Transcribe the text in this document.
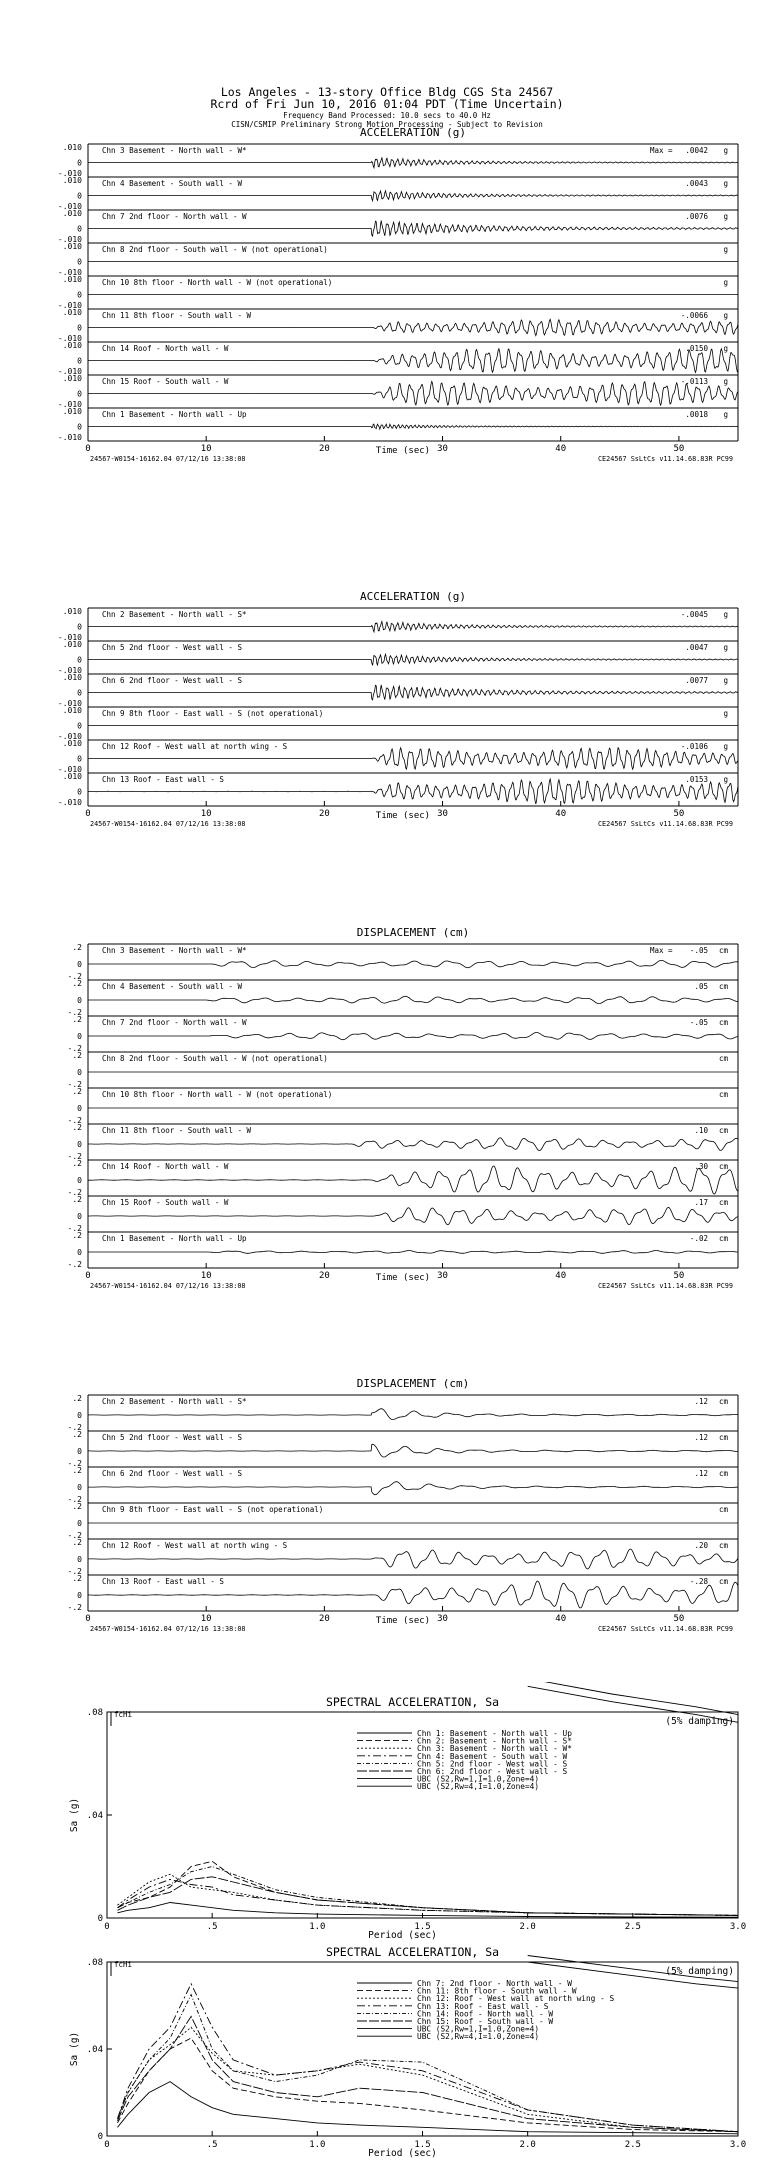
Los Angeles - 13-story Office Bldg CGS Sta 24567
Rcrd of Fri Jun 10, 2016 01:04 PDT (Time Uncertain)
Frequency Band Processed: 10.0 secs to 40.0 Hz
CISN/CSMIP Preliminary Strong Motion Processing - Subject to Revision
ACCELERATION (g)
.010
0
-.010
Chn 3 Basement - North wall - W*	Max = .0042 g
.010
0
-.010
Chn 4 Basement - South wall - W	.0043 g
.010
0
-.010
Chn 7 2nd floor - North wall - W	.0076 g
.010
0
-.010
Chn 8 2nd floor - South wall - W (not operational)	g
.010
0
-.010
Chn 10 8th floor - North wall - W (not operational)	g
.010
0
-.010
Chn 11 8th floor - South wall - W	-.0066 g
.010
0
-.010
Chn 14 Roof - North wall - W	.0150 g
.010
0
-.010
Chn 15 Roof - South wall - W	-.0113 g
.010
0
-.010
Chn 1 Basement - North wall - Up	.0018 g
0	10	20	30	40	50
Time (sec)
24567-W0154-16162.04 07/12/16 13:38:08	CE24567 SsLtCs v11.14.68.83R PC99
ACCELERATION (g)
.010
0
-.010
Chn 2 Basement - North wall - S*	-.0045 g
.010
0
-.010
Chn 5 2nd floor - West wall - S	.0047 g
.010
0
-.010
Chn 6 2nd floor - West wall - S	.0077 g
.010
0
-.010
Chn 9 8th floor - East wall - S (not operational)	g
.010
0
-.010
Chn 12 Roof - West wall at north wing - S	-.0106 g
.010
0
-.010
Chn 13 Roof - East wall - S	.0153 g
0	10	20	30	40	50
Time (sec)
24567-W0154-16162.04 07/12/16 13:38:08	CE24567 SsLtCs v11.14.68.83R PC99
DISPLACEMENT (cm)
.2
0
-.2
Chn 3 Basement - North wall - W*	Max = -.05 cm
.2
0
-.2
Chn 4 Basement - South wall - W	.05 cm
.2
0
-.2
Chn 7 2nd floor - North wall - W	-.05 cm
.2
0
-.2
Chn 8 2nd floor - South wall - W (not operational)	cm
.2
0
-.2
Chn 10 8th floor - North wall - W (not operational)	cm
.2
0
-.2
Chn 11 8th floor - South wall - W	.10 cm
.2
0
-.2
Chn 14 Roof - North wall - W	.30 cm
.2
0
-.2
Chn 15 Roof - South wall - W	.17 cm
.2
0
-.2
Chn 1 Basement - North wall - Up	-.02 cm
0	10	20	30	40	50
Time (sec)
24567-W0154-16162.04 07/12/16 13:38:08	CE24567 SsLtCs v11.14.68.83R PC99
DISPLACEMENT (cm)
.2
0
-.2
Chn 2 Basement - North wall - S*	.12 cm
.2
0
-.2
Chn 5 2nd floor - West wall - S	.12 cm
.2
0
-.2
Chn 6 2nd floor - West wall - S	.12 cm
.2
0
-.2
Chn 9 8th floor - East wall - S (not operational)	cm
.2
0
-.2
Chn 12 Roof - West wall at north wing - S	.20 cm
.2
0
-.2
Chn 13 Roof - East wall - S	-.28 cm
0	10	20	30	40	50
Time (sec)
24567-W0154-16162.04 07/12/16 13:38:08	CE24567 SsLtCs v11.14.68.83R PC99
SPECTRAL ACCELERATION, Sa
0
.04
.08
0	.5	1.0	1.5	2.0	2.5	3.0
Period (sec)
Sa (g)
fcHi
(5% damping)
Chn 1: Basement - North wall - Up
Chn 2: Basement - North wall - S*
Chn 3: Basement - North wall - W*
Chn 4: Basement - South wall - W
Chn 5: 2nd floor - West wall - S
Chn 6: 2nd floor - West wall - S
UBC (S2,Rw=1,I=1.0,Zone=4)
UBC (S2,Rw=4,I=1.0,Zone=4)
SPECTRAL ACCELERATION, Sa
0
.04
.08
0	.5	1.0	1.5	2.0	2.5	3.0
Period (sec)
Sa (g)
fcHi
(5% damping)
Chn 7: 2nd floor - North wall - W
Chn 11: 8th floor - South wall - W
Chn 12: Roof - West wall at north wing - S
Chn 13: Roof - East wall - S
Chn 14: Roof - North wall - W
Chn 15: Roof - South wall - W
UBC (S2,Rw=1,I=1.0,Zone=4)
UBC (S2,Rw=4,I=1.0,Zone=4)
